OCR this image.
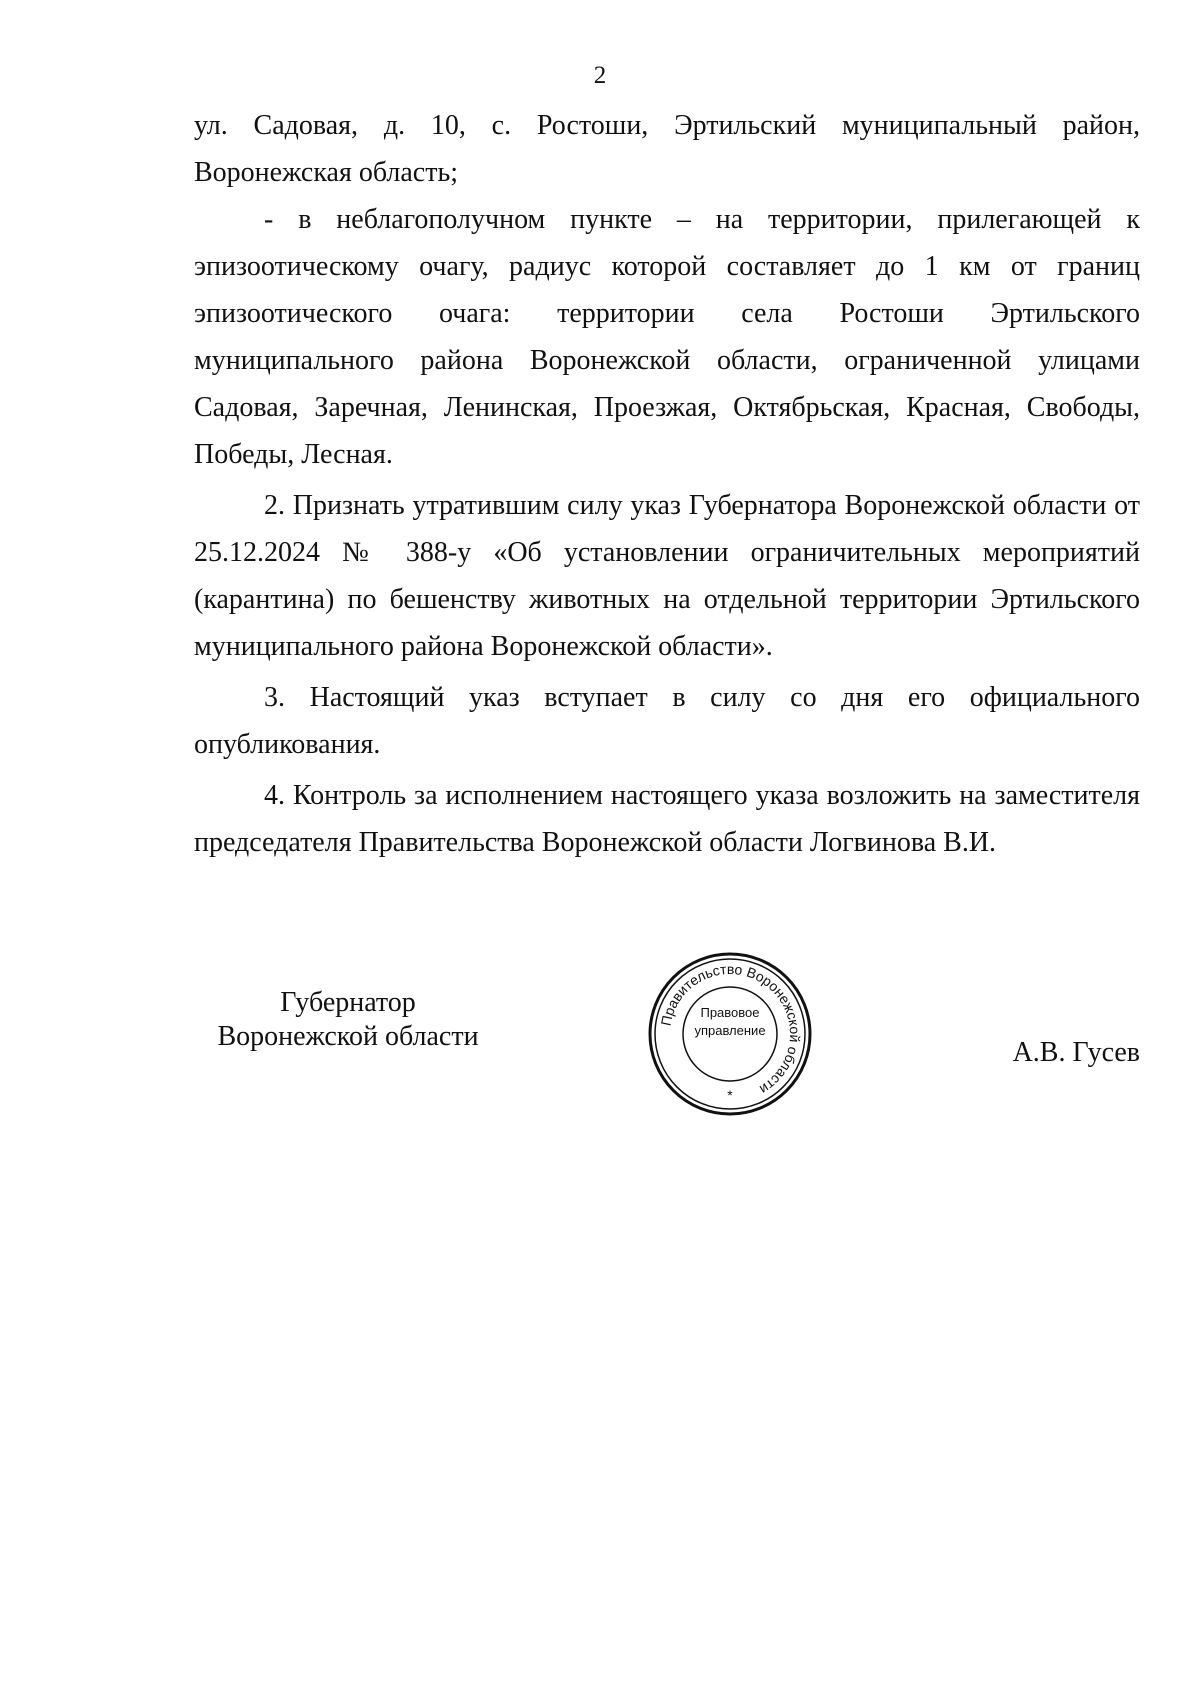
2

ул. Садовая, д. 10, с. Ростоши, Эртильский муниципальный район, Воронежская область;

- в неблагополучном пункте – на территории, прилегающей к эпизоотическому очагу, радиус которой составляет до 1 км от границ эпизоотического очага: территории села Ростоши Эртильского муниципального района Воронежской области, ограниченной улицами Садовая, Заречная, Ленинская, Проезжая, Октябрьская, Красная, Свободы, Победы, Лесная.

2. Признать утратившим силу указ Губернатора Воронежской области от 25.12.2024 № 388-у «Об установлении ограничительных мероприятий (карантина) по бешенству животных на отдельной территории Эртильского муниципального района Воронежской области».

3. Настоящий указ вступает в силу со дня его официального опубликования.

4. Контроль за исполнением настоящего указа возложить на заместителя председателя Правительства Воронежской области Логвинова В.И.

Губернатор
Воронежской области
Правительство Воронежской области
*
Правовое
управление
А.В. Гусев
